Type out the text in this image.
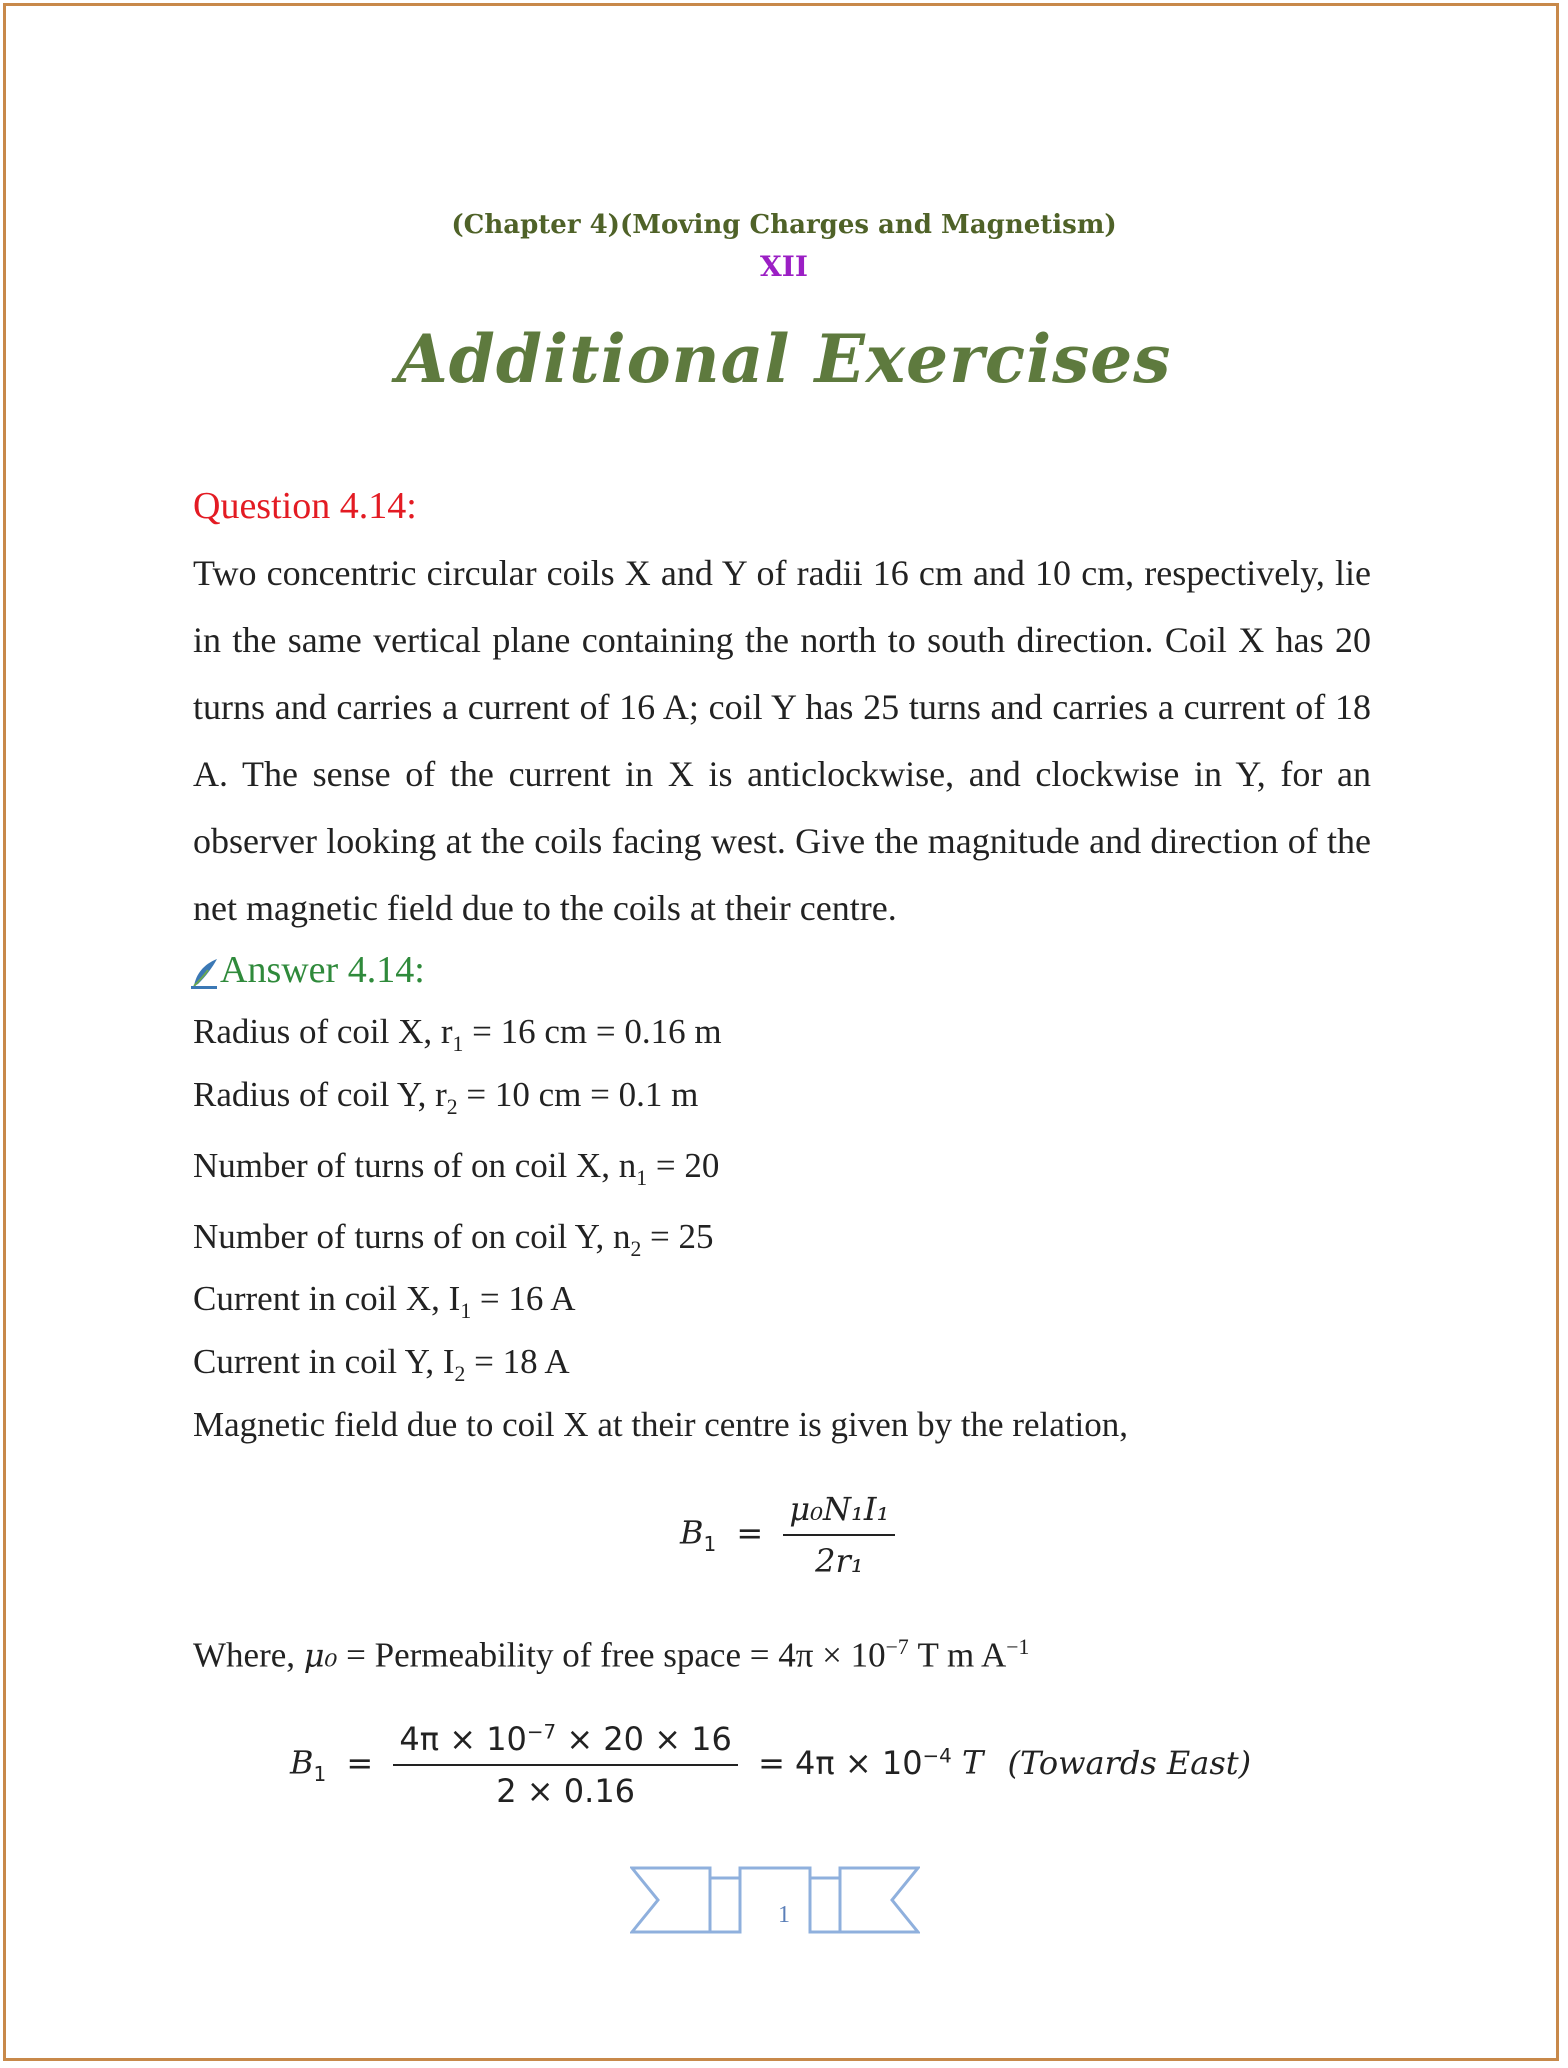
(Chapter 4)(Moving Charges and Magnetism)
XII
Additional Exercises
Question 4.14:
Two concentric circular coils X and Y of radii 16 cm and 10 cm, respectively, lie in the same vertical plane containing the north to south direction. Coil X has 20 turns and carries a current of 16 A; coil Y has 25 turns and carries a current of 18 A. The sense of the current in X is anticlockwise, and clockwise in Y, for an observer looking at the coils facing west. Give the magnitude and direction of the net magnetic field due to the coils at their centre.
Answer 4.14:
Radius of coil X, $r_1 = 16$ cm = 0.16 m
Radius of coil Y, $r_2 = 10$ cm = 0.1 m
Number of turns of on coil X, $n_1 = 20$
Number of turns of on coil Y, $n_2 = 25$
Current in coil X, $I_1 = 16$ A
Current in coil Y, $I_2 = 18$ A
Magnetic field due to coil X at their centre is given by the relation,
$B_1 = \frac{\text{μ₀N₁I₁}}{\text{2r₁}}$
Where, μ₀ = Permeability of free space = $4\pi \times 10^{-7}$ T m $A^{-1}$
$B_1 = \frac{4\pi \times 10^{-7} \times 20 \times 16}{2 \times 0.16} = 4\pi \times 10^{-4}$ T (Towards East)
1
